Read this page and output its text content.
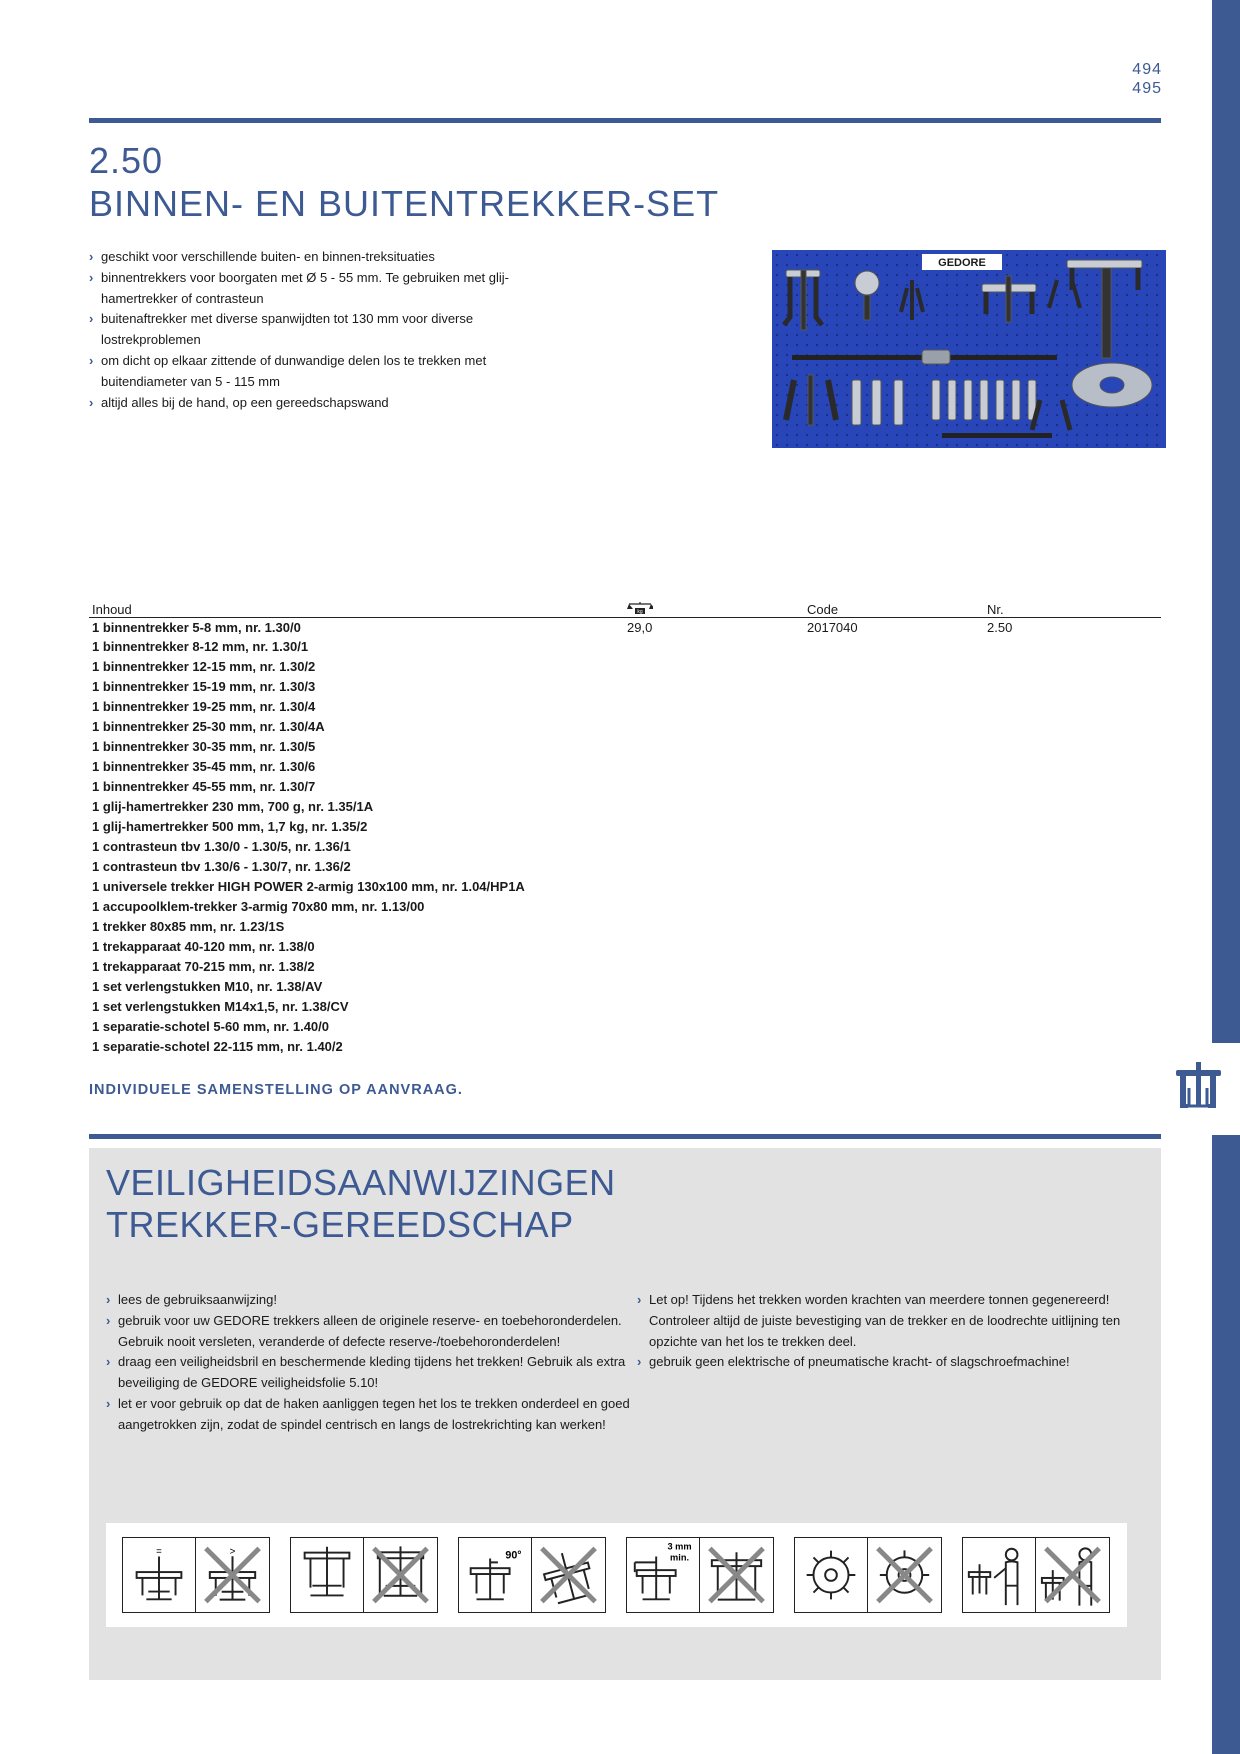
494
495
2.50
BINNEN- EN BUITENTREKKER-SET
› geschikt voor verschillende buiten- en binnen-treksituaties
› binnentrekkers voor boorgaten met Ø 5 - 55 mm. Te gebruiken met glij-hamertrekker of contrasteun
› buitenaftrekker met diverse spanwijdten tot 130 mm voor diverse lostrekproblemen
› om dicht op elkaar zittende of dunwandige delen los te trekken met buitendiameter van 5 - 115 mm
› altijd alles bij de hand, op een gereedschapswand
GEDORE
Inhoud	kg	Code	Nr.
1 binnentrekker 5-8 mm, nr. 1.30/0	29,0	2017040	2.50
1 binnentrekker 8-12 mm, nr. 1.30/1			
1 binnentrekker 12-15 mm, nr. 1.30/2			
1 binnentrekker 15-19 mm, nr. 1.30/3			
1 binnentrekker 19-25 mm, nr. 1.30/4			
1 binnentrekker 25-30 mm, nr. 1.30/4A			
1 binnentrekker 30-35 mm, nr. 1.30/5			
1 binnentrekker 35-45 mm, nr. 1.30/6			
1 binnentrekker 45-55 mm, nr. 1.30/7			
1 glij-hamertrekker 230 mm, 700 g, nr. 1.35/1A			
1 glij-hamertrekker 500 mm, 1,7 kg, nr. 1.35/2			
1 contrasteun tbv 1.30/0 - 1.30/5, nr. 1.36/1			
1 contrasteun tbv 1.30/6 - 1.30/7, nr. 1.36/2			
1 universele trekker HIGH POWER 2-armig 130x100 mm, nr. 1.04/HP1A			
1 accupoolklem-trekker 3-armig 70x80 mm, nr. 1.13/00			
1 trekker 80x85 mm, nr. 1.23/1S			
1 trekapparaat 40-120 mm, nr. 1.38/0			
1 trekapparaat 70-215 mm, nr. 1.38/2			
1 set verlengstukken M10, nr. 1.38/AV			
1 set verlengstukken M14x1,5, nr. 1.38/CV			
1 separatie-schotel 5-60 mm, nr. 1.40/0			
1 separatie-schotel 22-115 mm, nr. 1.40/2			
INDIVIDUELE SAMENSTELLING OP AANVRAAG.
VEILIGHEIDSAANWIJZINGEN
TREKKER-GEREEDSCHAP
› lees de gebruiksaanwijzing!
› gebruik voor uw GEDORE trekkers alleen de originele reserve- en toebehoronderdelen. Gebruik nooit versleten, veranderde of defecte reserve-/toebehoronderdelen!
› draag een veiligheidsbril en beschermende kleding tijdens het trekken! Gebruik als extra beveiliging de GEDORE veiligheidsfolie 5.10!
› let er voor gebruik op dat de haken aanliggen tegen het los te trekken onderdeel en goed aangetrokken zijn, zodat de spindel centrisch en langs de lostrekrichting kan werken!
› Let op! Tijdens het trekken worden krachten van meerdere tonnen gegenereerd! Controleer altijd de juiste bevestiging van de trekker en de loodrechte uitlijning ten opzichte van het los te trekken deel.
› gebruik geen elektrische of pneumatische kracht- of slagschroefmachine!
=	>	90°
3 mm
min.
